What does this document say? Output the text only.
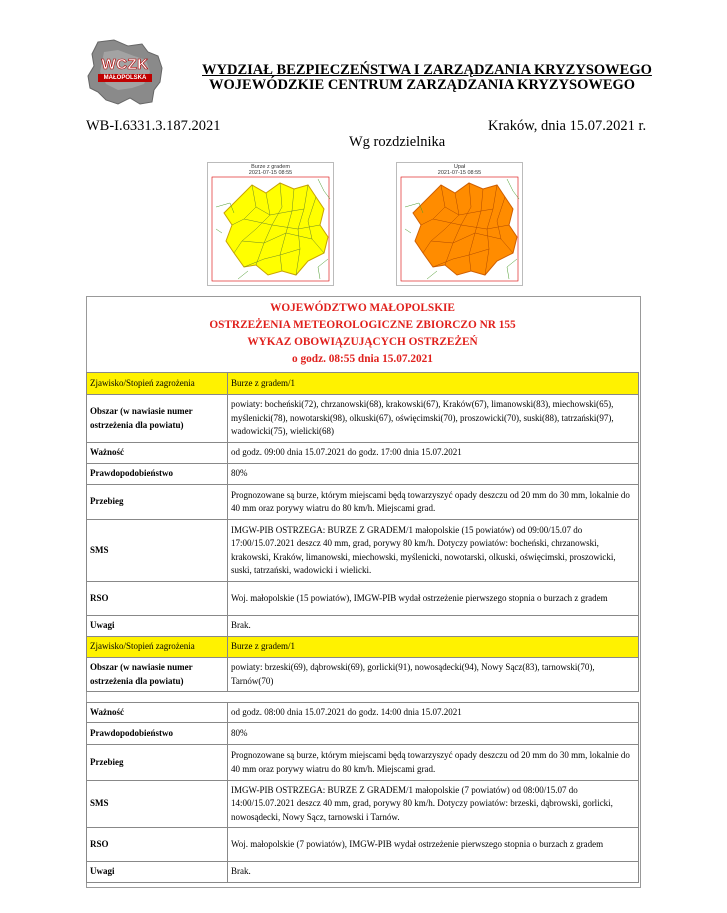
WCZK
MAŁOPOLSKA	WYDZIAŁ BEZPIECZEŃSTWA I ZARZĄDZANIA KRYZYSOWEGO
WOJEWÓDZKIE CENTRUM ZARZĄDZANIA KRYZYSOWEGO
WB-I.6331.3.187.2021	Kraków, dnia 15.07.2021 r.
Wg rozdzielnika
Burze z gradem
2021-07-15 08:55
Upał
2021-07-15 08:55
WOJEWÓDZTWO MAŁOPOLSKIE
OSTRZEŻENIA METEOROLOGICZNE ZBIORCZO NR 155
WYKAZ OBOWIĄZUJĄCYCH OSTRZEŻEŃ
o godz. 08:55 dnia 15.07.2021
Zjawisko/Stopień zagrożenia	Burze z gradem/1
Obszar (w nawiasie numer ostrzeżenia dla powiatu)	powiaty: bocheński(72), chrzanowski(68), krakowski(67), Kraków(67), limanowski(83), miechowski(65), myślenicki(78), nowotarski(98), olkuski(67), oświęcimski(70), proszowicki(70), suski(88), tatrzański(97), wadowicki(75), wielicki(68)
Ważność	od godz. 09:00 dnia 15.07.2021 do godz. 17:00 dnia 15.07.2021
Prawdopodobieństwo	80%
Przebieg	Prognozowane są burze, którym miejscami będą towarzyszyć opady deszczu od 20 mm do 30 mm, lokalnie do 40 mm oraz porywy wiatru do 80 km/h. Miejscami grad.
SMS	IMGW-PIB OSTRZEGA: BURZE Z GRADEM/1 małopolskie (15 powiatów) od 09:00/15.07 do 17:00/15.07.2021 deszcz 40 mm, grad, porywy 80 km/h. Dotyczy powiatów: bocheński, chrzanowski, krakowski, Kraków, limanowski, miechowski, myślenicki, nowotarski, olkuski, oświęcimski, proszowicki, suski, tatrzański, wadowicki i wielicki.
RSO	Woj. małopolskie (15 powiatów), IMGW-PIB wydał ostrzeżenie pierwszego stopnia o burzach z gradem
Uwagi	Brak.
Zjawisko/Stopień zagrożenia	Burze z gradem/1
Obszar (w nawiasie numer ostrzeżenia dla powiatu)	powiaty: brzeski(69), dąbrowski(69), gorlicki(91), nowosądecki(94), Nowy Sącz(83), tarnowski(70), Tarnów(70)
Ważność	od godz. 08:00 dnia 15.07.2021 do godz. 14:00 dnia 15.07.2021
Prawdopodobieństwo	80%
Przebieg	Prognozowane są burze, którym miejscami będą towarzyszyć opady deszczu od 20 mm do 30 mm, lokalnie do 40 mm oraz porywy wiatru do 80 km/h. Miejscami grad.
SMS	IMGW-PIB OSTRZEGA: BURZE Z GRADEM/1 małopolskie (7 powiatów) od 08:00/15.07 do 14:00/15.07.2021 deszcz 40 mm, grad, porywy 80 km/h. Dotyczy powiatów: brzeski, dąbrowski, gorlicki, nowosądecki, Nowy Sącz, tarnowski i Tarnów.
RSO	Woj. małopolskie (7 powiatów), IMGW-PIB wydał ostrzeżenie pierwszego stopnia o burzach z gradem
Uwagi	Brak.
